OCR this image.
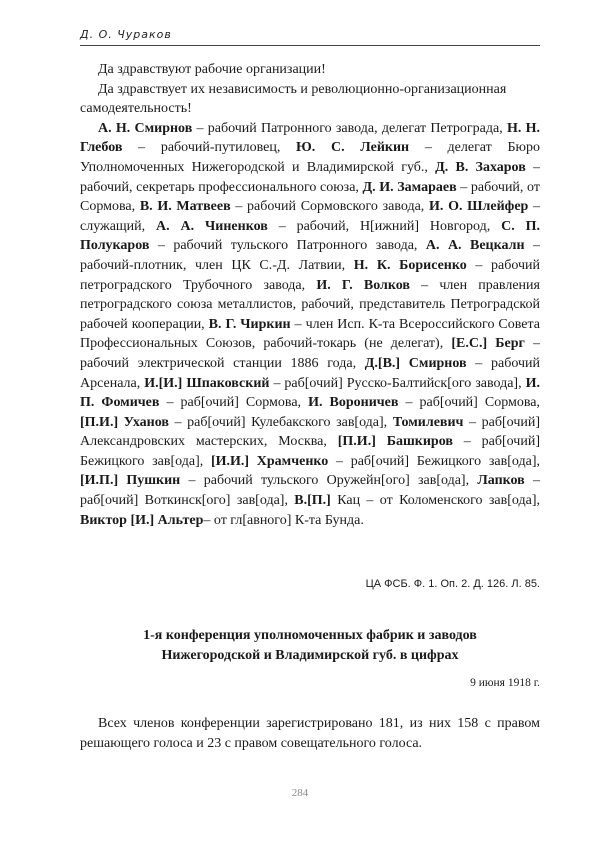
Д. О. Чураков

Да здравствуют рабочие организации!

Да здравствует их независимость и революционно-организационная самодеятельность!

А. Н. Смирнов – рабочий Патронного завода, делегат Петрограда, Н. Н. Глебов – рабочий-путиловец, Ю. С. Лейкин – делегат Бюро Уполномоченных Нижегородской и Владимирской губ., Д. В. Захаров – рабочий, секретарь профессионального союза, Д. И. Замараев – рабочий, от Сормова, В. И. Матвеев – рабочий Сормовского завода, И. О. Шлейфер – служащий, А. А. Чиненков – рабочий, Н[ижний] Новгород, С. П. Полукаров – рабочий тульского Патронного завода, А. А. Вецкалн – рабочий-плотник, член ЦК С.-Д. Латвии, Н. К. Борисенко – рабочий петроградского Трубочного завода, И. Г. Волков – член правления петроградского союза металлистов, рабочий, представитель Петроградской рабочей кооперации, В. Г. Чиркин – член Исп. К-та Всероссийского Совета Профессиональных Союзов, рабочий-токарь (не делегат), [Е.С.] Берг – рабочий электрической станции 1886 года, Д.[В.] Смирнов – рабочий Арсенала, И.[И.] Шпаковский – раб[очий] Русско-Балтийск[ого завода], И. П. Фомичев – раб[очий] Сормова, И. Вороничев – раб[очий] Сормова, [П.И.] Уханов – раб[очий] Кулебакского зав[ода], Томилевич – раб[очий] Александровских мастерских, Москва, [П.И.] Башкиров – раб[очий] Бежицкого зав[ода], [И.И.] Храмченко – раб[очий] Бежицкого зав[ода], [И.П.] Пушкин – рабочий тульского Оружейн[ого] зав[ода], Лапков – раб[очий] Воткинск[ого] зав[ода], В.[П.] Кац – от Коломенского зав[ода], Виктор [И.] Альтер– от гл[авного] К-та Бунда.

ЦА ФСБ. Ф. 1. Оп. 2. Д. 126. Л. 85.
1-я конференция уполномоченных фабрик и заводов
Нижегородской и Владимирской губ. в цифрах
9 июня 1918 г.

Всех членов конференции зарегистрировано 181, из них 158 с правом решающего голоса и 23 с правом совещательного голоса.

284
